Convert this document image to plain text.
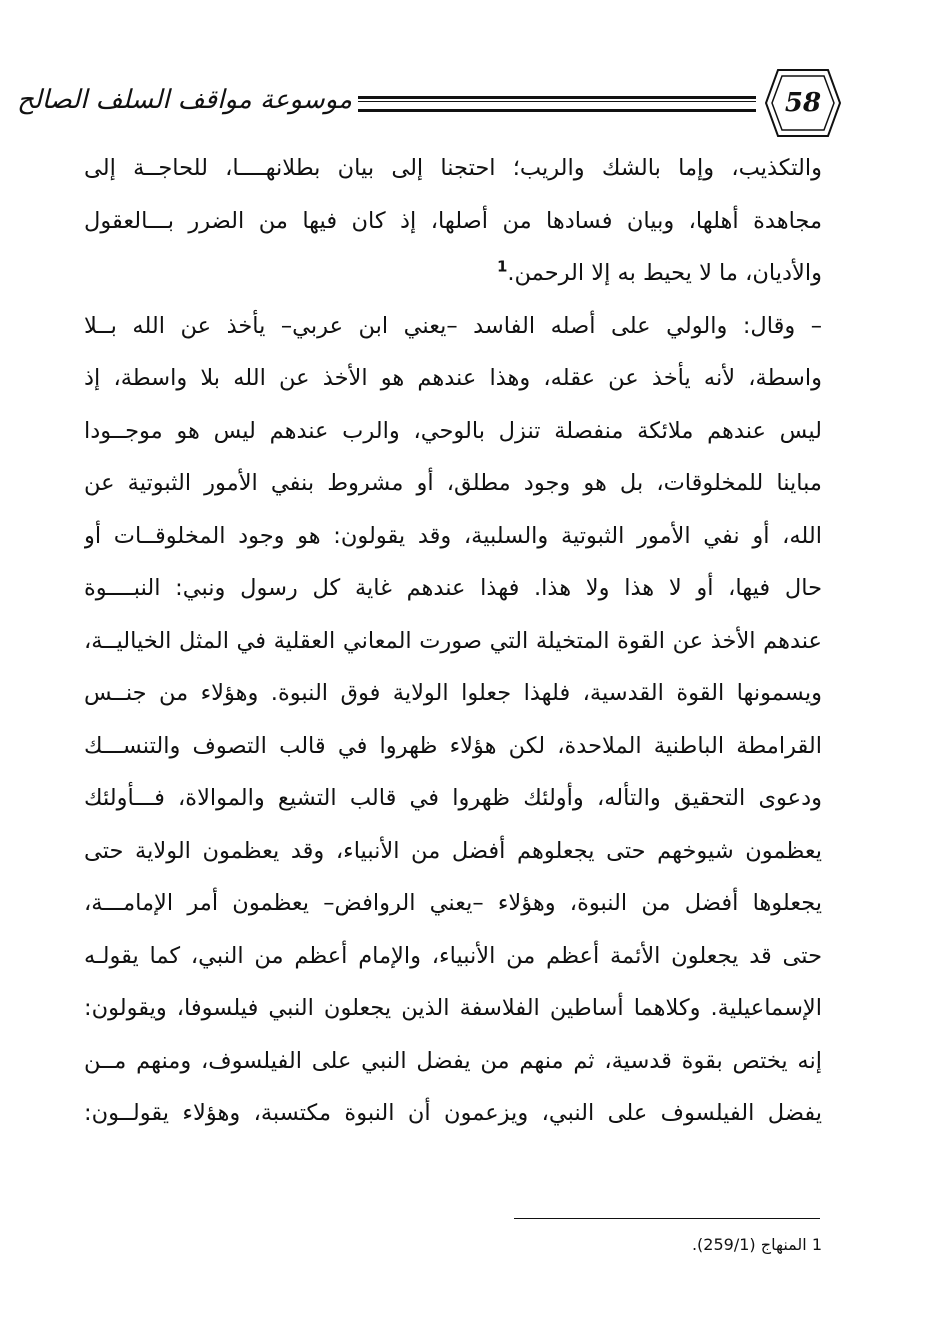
موسوعة مواقف السلف الصالح	58
والتكذيب، وإما بالشك والريب؛ احتجنا إلى بيان بطلانهــــا، للحاجــة إلى
مجاهدة أهلها، وبيان فسادها من أصلها، إذ كان فيها من الضرر بـــالعقول
والأديان، ما لا يحيط به إلا الرحمن.$^1$
– وقال: والولي على أصله الفاسد –يعني ابن عربي– يأخذ عن الله بــلا
واسطة، لأنه يأخذ عن عقله، وهذا عندهم هو الأخذ عن الله بلا واسطة، إذ
ليس عندهم ملائكة منفصلة تنزل بالوحي، والرب عندهم ليس هو موجــودا
مباينا للمخلوقات، بل هو وجود مطلق، أو مشروط بنفي الأمور الثبوتية عن
الله، أو نفي الأمور الثبوتية والسلبية، وقد يقولون: هو وجود المخلوقــات أو
حال فيها، أو لا هذا ولا هذا. فهذا عندهم غاية كل رسول ونبي: النبــــوة
عندهم الأخذ عن القوة المتخيلة التي صورت المعاني العقلية في المثل الخياليــة،
ويسمونها القوة القدسية، فلهذا جعلوا الولاية فوق النبوة. وهؤلاء من جنــس
القرامطة الباطنية الملاحدة، لكن هؤلاء ظهروا في قالب التصوف والتنســـك
ودعوى التحقيق والتأله، وأولئك ظهروا في قالب التشيع والموالاة، فـــأولئك
يعظمون شيوخهم حتى يجعلوهم أفضل من الأنبياء، وقد يعظمون الولاية حتى
يجعلوها أفضل من النبوة، وهؤلاء –يعني الروافض– يعظمون أمر الإمامـــة،
حتى قد يجعلون الأئمة أعظم من الأنبياء، والإمام أعظم من النبي، كما يقولـه
الإسماعيلية. وكلاهما أساطين الفلاسفة الذين يجعلون النبي فيلسوفا، ويقولون:
إنه يختص بقوة قدسية، ثم منهم من يفضل النبي على الفيلسوف، ومنهم مــن
يفضل الفيلسوف على النبي، ويزعمون أن النبوة مكتسبة، وهؤلاء يقولــون:
1 المنهاج (259/1).
